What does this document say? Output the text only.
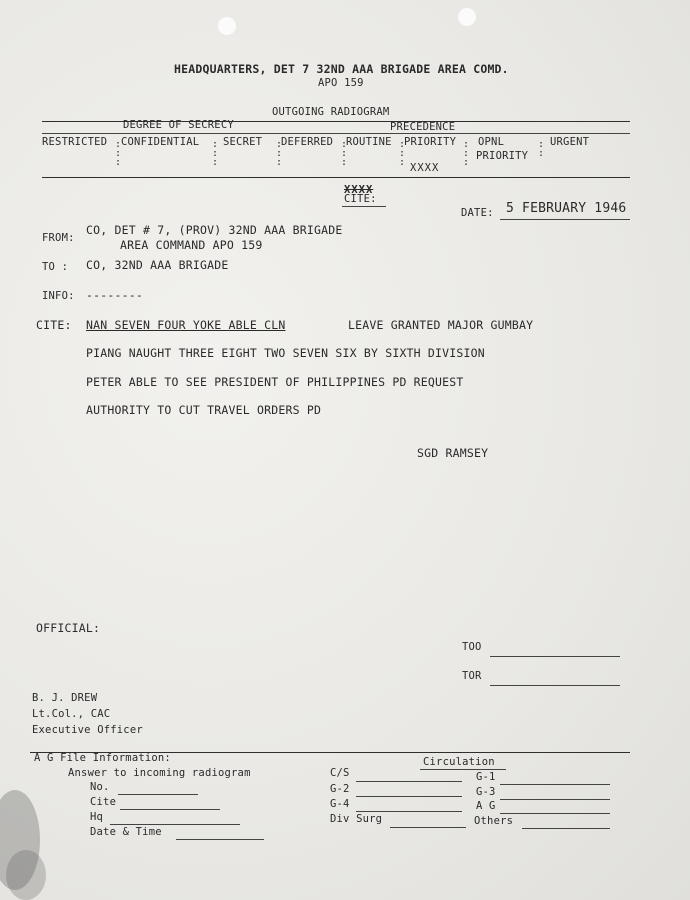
HEADQUARTERS, DET 7 32ND AAA BRIGADE AREA COMD.
APO 159
OUTGOING RADIOGRAM
DEGREE OF SECRECY	PRECEDENCE
RESTRICTED CONFIDENTIAL SECRET DEFERRED ROUTINE PRIORITY OPNL
PRIORITY
URGENT
:
:
:
:
:
:
:
:
:
:
:
:
:
:
:
:
:
:
:
:
XXXX
XXXX
CITE:
DATE: 5 FEBRUARY 1946
FROM:
CO, DET # 7, (PROV) 32ND AAA BRIGADE
AREA COMMAND APO 159
TO : CO, 32ND AAA BRIGADE
INFO: --------
CITE: NAN SEVEN FOUR YOKE ABLE CLN	LEAVE GRANTED MAJOR GUMBAY
PIANG NAUGHT THREE EIGHT TWO SEVEN SIX BY SIXTH DIVISION
PETER ABLE TO SEE PRESIDENT OF PHILIPPINES PD REQUEST
AUTHORITY TO CUT TRAVEL ORDERS PD
SGD RAMSEY
OFFICIAL:
TOO
TOR
B. J. DREW
Lt.Col., CAC
Executive Officer
A G File Information:
Answer to incoming radiogram
No.
Cite
Hq
Date & Time
Circulation
C/S
G-2
G-4
Div Surg
G-1
G-3
A G
Others
